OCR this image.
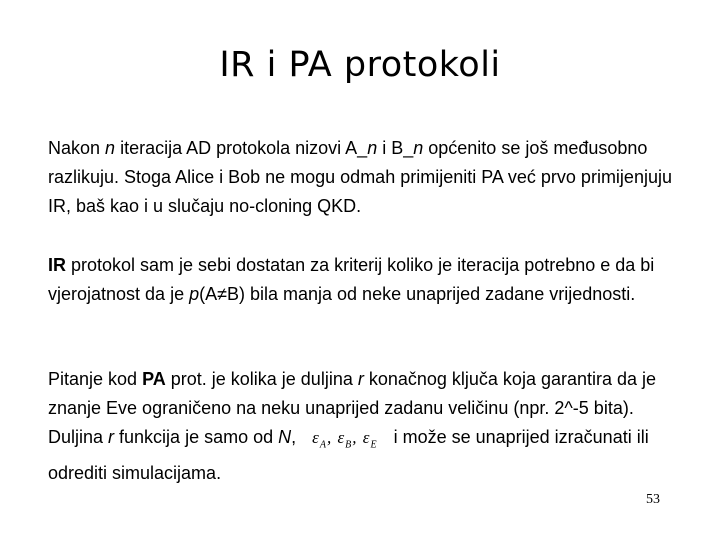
IR i PA protokoli

Nakon n iteracija AD protokola nizovi A_n i B_n općenito se još međusobno razlikuju. Stoga Alice i Bob ne mogu odmah primijeniti PA već prvo primijenjuju IR, baš kao i u slučaju no-cloning QKD.

IR protokol sam je sebi dostatan za kriterij koliko je iteracija potrebno e da bi vjerojatnost da je p(A≠B) bila manja od neke unaprijed zadane vrijednosti.

Pitanje kod PA prot. je kolika je duljina r konačnog ključa koja garantira da je znanje Eve ograničeno na neku unaprijed zadanu veličinu (npr. 2^-5 bita). Duljina r funkcija je samo od N, $\varepsilon_A$, $\varepsilon_B$, $\varepsilon_E$ i može se unaprijed izračunati ili odrediti simulacijama.

53
